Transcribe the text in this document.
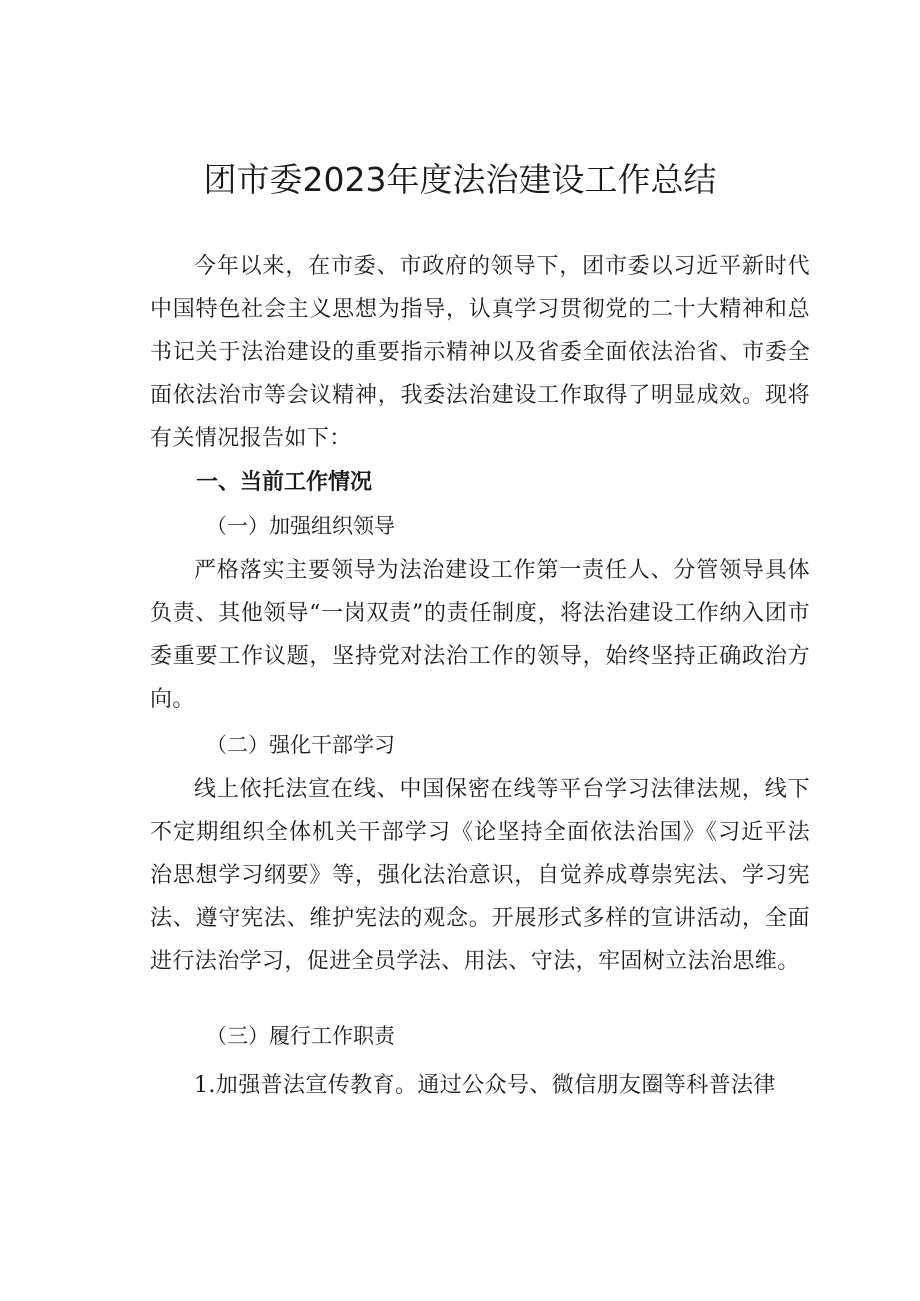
团市委2023年度法治建设工作总结

今年以来，在市委、市政府的领导下，团市委以习近平新时代中国特色社会主义思想为指导，认真学习贯彻党的二十大精神和总书记关于法治建设的重要指示精神以及省委全面依法治省、市委全面依法治市等会议精神，我委法治建设工作取得了明显成效。现将有关情况报告如下：

一、当前工作情况
（一）加强组织领导

严格落实主要领导为法治建设工作第一责任人、分管领导具体负责、其他领导“一岗双责”的责任制度，将法治建设工作纳入团市委重要工作议题，坚持党对法治工作的领导，始终坚持正确政治方向。

（二）强化干部学习

线上依托法宣在线、中国保密在线等平台学习法律法规，线下不定期组织全体机关干部学习《论坚持全面依法治国》《习近平法治思想学习纲要》等，强化法治意识，自觉养成尊崇宪法、学习宪法、遵守宪法、维护宪法的观念。开展形式多样的宣讲活动，全面进行法治学习，促进全员学法、用法、守法，牢固树立法治思维。

（三）履行工作职责

1.加强普法宣传教育。通过公众号、微信朋友圈等科普法律
